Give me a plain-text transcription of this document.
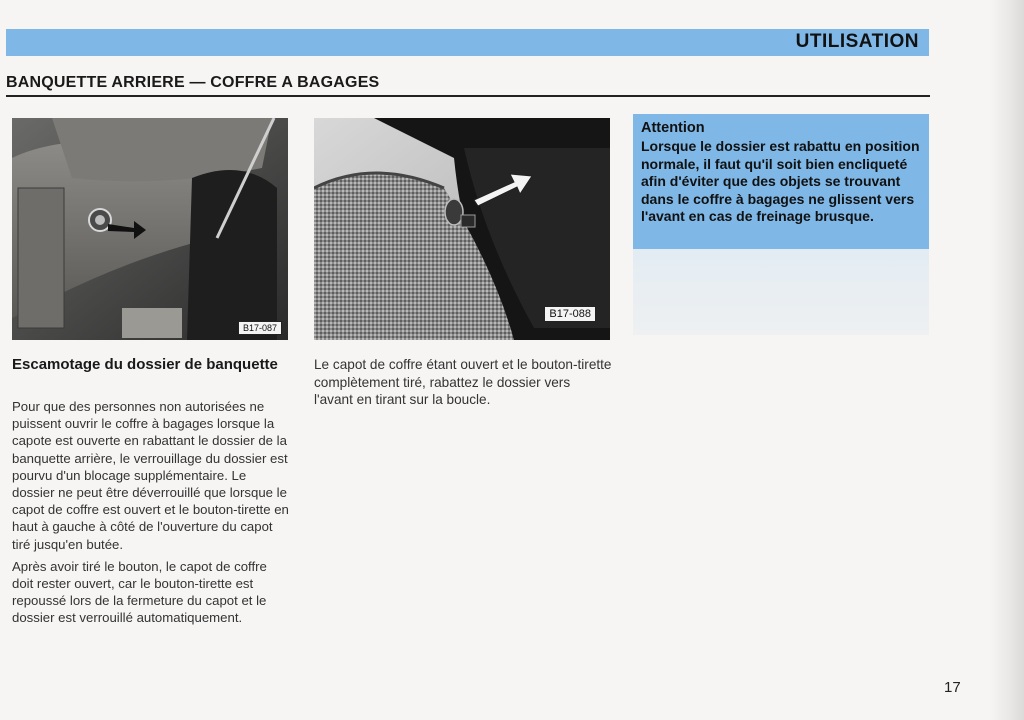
UTILISATION
BANQUETTE ARRIERE — COFFRE A BAGAGES
B17-087
B17-088
Escamotage du dossier de banquette

Pour que des personnes non autorisées ne puissent ouvrir le coffre à bagages lorsque la capote est ouverte en rabattant le dossier de la banquette arrière, le verrouillage du dossier est pourvu d'un blocage supplémentaire. Le dossier ne peut être déverrouillé que lorsque le capot de coffre est ouvert et le bouton-tirette en haut à gauche à côté de l'ouverture du capot tiré jusqu'en butée.

Après avoir tiré le bouton, le capot de coffre doit rester ouvert, car le bouton-tirette est repoussé lors de la fermeture du capot et le dossier est verrouillé automatiquement.

Le capot de coffre étant ouvert et le bouton-tirette complètement tiré, rabattez le dossier vers l'avant en tirant sur la boucle.
Attention
Lorsque le dossier est rabattu en position normale, il faut qu'il soit bien encliqueté afin d'éviter que des objets se trouvant dans le coffre à bagages ne glissent vers l'avant en cas de freinage brusque.
17
